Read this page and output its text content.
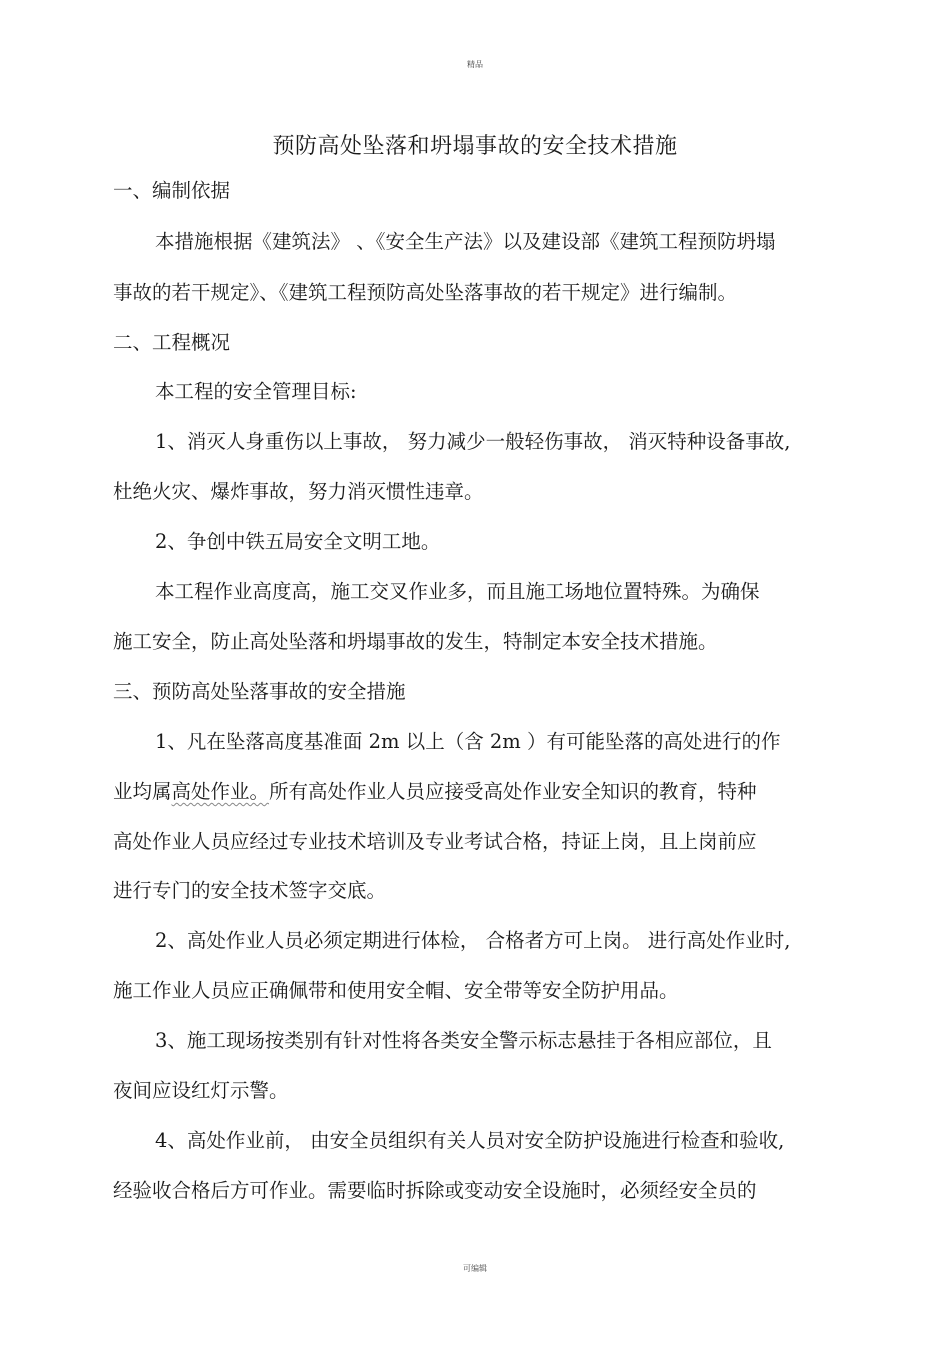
精品
预防高处坠落和坍塌事故的安全技术措施
一、编制依据
本措施根据《建筑法》 、《安全生产法》以及建设部《建筑工程预防坍塌
事故的若干规定》、《建筑工程预防高处坠落事故的若干规定》进行编制。
二、工程概况
本工程的安全管理目标:
1、消灭人身重伤以上事故， 努力减少一般轻伤事故， 消灭特种设备事故,
杜绝火灾、爆炸事故，努力消灭惯性违章。
2、争创中铁五局安全文明工地。
本工程作业高度高，施工交叉作业多，而且施工场地位置特殊。为确保
施工安全，防止高处坠落和坍塌事故的发生，特制定本安全技术措施。
三、预防高处坠落事故的安全措施
1、凡在坠落高度基准面 2m 以上（含 2m ）有可能坠落的高处进行的作
业均属高处作业。所有高处作业人员应接受高处作业安全知识的教育，特种
高处作业人员应经过专业技术培训及专业考试合格，持证上岗，且上岗前应
进行专门的安全技术签字交底。
2、高处作业人员必须定期进行体检， 合格者方可上岗。 进行高处作业时,
施工作业人员应正确佩带和使用安全帽、安全带等安全防护用品。
3、施工现场按类别有针对性将各类安全警示标志悬挂于各相应部位，且
夜间应设红灯示警。
4、高处作业前， 由安全员组织有关人员对安全防护设施进行检查和验收,
经验收合格后方可作业。需要临时拆除或变动安全设施时，必须经安全员的
可编辑
